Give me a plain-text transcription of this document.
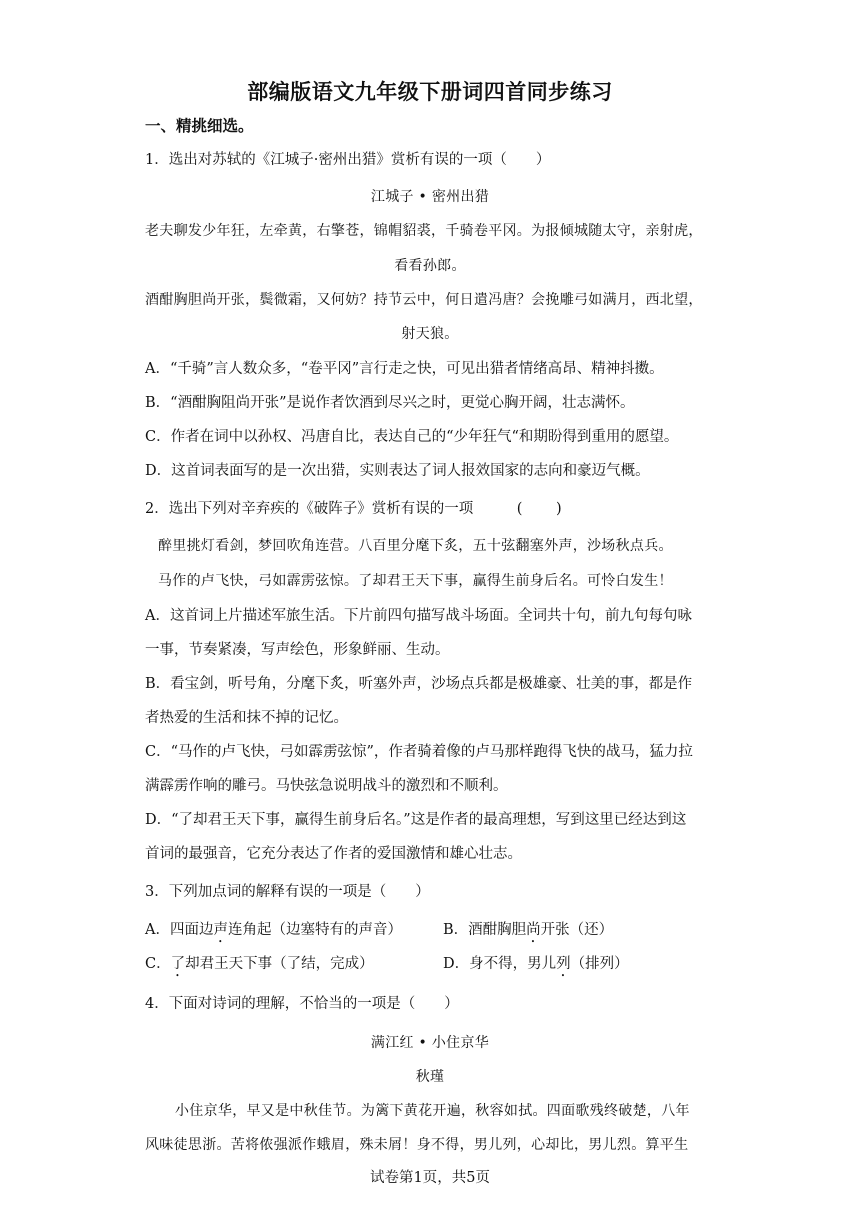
部编版语文九年级下册词四首同步练习
一、精挑细选。
1．选出对苏轼的《江城子·密州出猎》赏析有误的一项（　　）
江城子 • 密州出猎
老夫聊发少年狂，左牵黄，右擎苍，锦帽貂裘，千骑卷平冈。为报倾城随太守，亲射虎，
看看孙郎。
酒酣胸胆尚开张，鬓微霜，又何妨？持节云中，何日遣冯唐？会挽雕弓如满月，西北望，
射天狼。
A．“千骑”言人数众多，“卷平冈”言行走之快，可见出猎者情绪高昂、精神抖擞。
B．“酒酣胸阻尚开张”是说作者饮酒到尽兴之时，更觉心胸开阔，壮志满怀。
C．作者在词中以孙权、冯唐自比，表达自己的“少年狂气“和期盼得到重用的愿望。
D．这首词表面写的是一次出猎，实则表达了词人报效国家的志向和豪迈气概。
2．选出下列对辛弃疾的《破阵子》赏析有误的一项　　　(　　 )
醉里挑灯看剑，梦回吹角连营。八百里分麾下炙，五十弦翻塞外声，沙场秋点兵。
马作的卢飞快，弓如霹雳弦惊。了却君王天下事，赢得生前身后名。可怜白发生！
A．这首词上片描述军旅生活。下片前四句描写战斗场面。全词共十句，前九句每句咏
一事，节奏紧凑，写声绘色，形象鲜丽、生动。
B．看宝剑，听号角，分麾下炙，听塞外声，沙场点兵都是极雄豪、壮美的事，都是作
者热爱的生活和抹不掉的记忆。
C．“马作的卢飞快，弓如霹雳弦惊”，作者骑着像的卢马那样跑得飞快的战马，猛力拉
满霹雳作响的雕弓。马快弦急说明战斗的激烈和不顺利。
D．“了却君王天下事，赢得生前身后名。”这是作者的最高理想，写到这里已经达到这
首词的最强音，它充分表达了作者的爱国激情和雄心壮志。
3．下列加点词的解释有误的一项是（　　）
A．四面边声连角起（边塞特有的声音）	B．酒酣胸胆尚开张（还）
C．了却君王天下事（了结，完成）	D．身不得，男儿列（排列）
4．下面对诗词的理解，不恰当的一项是（　　）
满江红 • 小住京华
秋瑾
小住京华，早又是中秋佳节。为篱下黄花开遍，秋容如拭。四面歌残终破楚，八年
风味徒思浙。苦将侬强派作蛾眉，殊未屑！身不得，男儿列，心却比，男儿烈。算平生
试卷第1页，共5页
